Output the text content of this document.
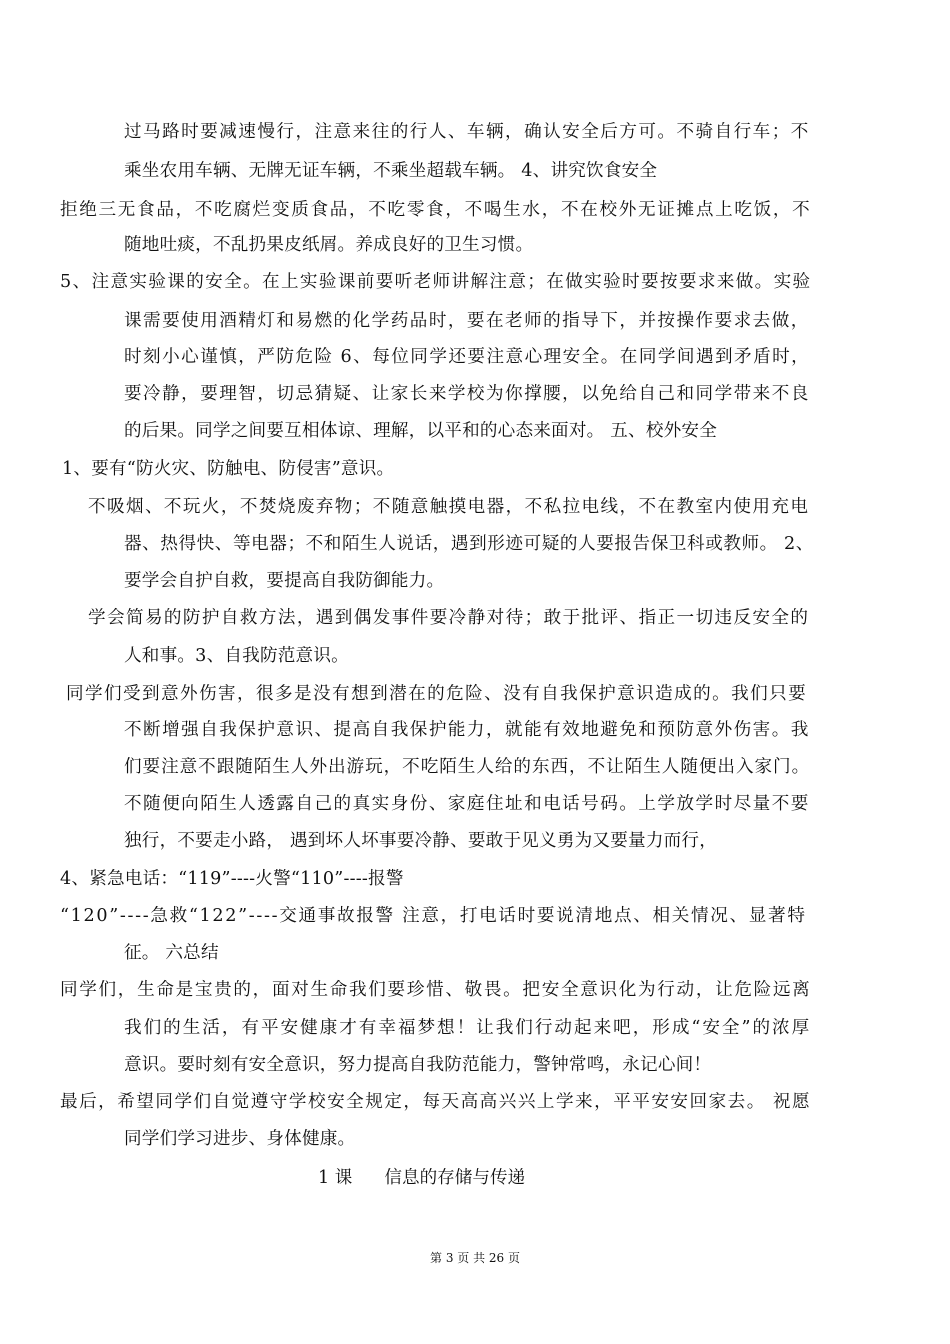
过马路时要减速慢行，注意来往的行人、车辆，确认安全后方可。不骑自行车；不
乘坐农用车辆、无牌无证车辆，不乘坐超载车辆。 4、讲究饮食安全
拒绝三无食品，不吃腐烂变质食品，不吃零食，不喝生水，不在校外无证摊点上吃饭，不
随地吐痰，不乱扔果皮纸屑。养成良好的卫生习惯。
5、注意实验课的安全。在上实验课前要听老师讲解注意；在做实验时要按要求来做。实验
课需要使用酒精灯和易燃的化学药品时，要在老师的指导下，并按操作要求去做，
时刻小心谨慎，严防危险 6、每位同学还要注意心理安全。在同学间遇到矛盾时，
要冷静，要理智，切忌猜疑、让家长来学校为你撑腰，以免给自己和同学带来不良
的后果。同学之间要互相体谅、理解，以平和的心态来面对。 五、校外安全
1、要有“防火灾、防触电、防侵害”意识。
不吸烟、不玩火，不焚烧废弃物；不随意触摸电器，不私拉电线，不在教室内使用充电
器、热得快、等电器；不和陌生人说话，遇到形迹可疑的人要报告保卫科或教师。 2、
要学会自护自救，要提高自我防御能力。
学会简易的防护自救方法，遇到偶发事件要冷静对待；敢于批评、指正一切违反安全的
人和事。3、自我防范意识。
同学们受到意外伤害，很多是没有想到潜在的危险、没有自我保护意识造成的。我们只要
不断增强自我保护意识、提高自我保护能力，就能有效地避免和预防意外伤害。我
们要注意不跟随陌生人外出游玩，不吃陌生人给的东西，不让陌生人随便出入家门。
不随便向陌生人透露自己的真实身份、家庭住址和电话号码。上学放学时尽量不要
独行，不要走小路， 遇到坏人坏事要冷静、要敢于见义勇为又要量力而行，
4、紧急电话：“119”----火警“110”----报警
“120”----急救“122”----交通事故报警 注意，打电话时要说清地点、相关情况、显著特
征。 六总结
同学们，生命是宝贵的，面对生命我们要珍惜、敬畏。把安全意识化为行动，让危险远离
我们的生活，有平安健康才有幸福梦想！让我们行动起来吧，形成“安全”的浓厚
意识。要时刻有安全意识，努力提高自我防范能力，警钟常鸣，永记心间！
最后，希望同学们自觉遵守学校安全规定，每天高高兴兴上学来，平平安安回家去。 祝愿
同学们学习进步、身体健康。
1 课 信息的存储与传递
第 3 页 共 26 页
